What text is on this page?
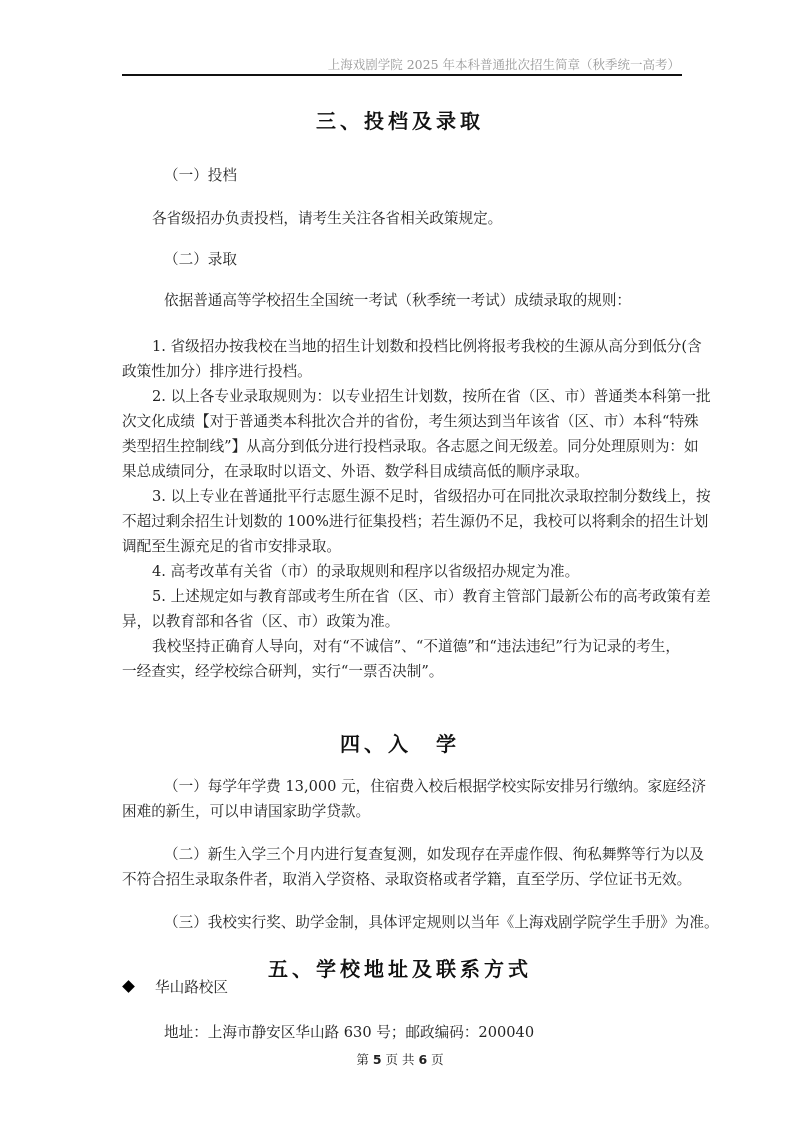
上海戏剧学院 2025 年本科普通批次招生简章（秋季统一高考）
三、投档及录取
（一）投档
各省级招办负责投档，请考生关注各省相关政策规定。
（二）录取
依据普通高等学校招生全国统一考试（秋季统一考试）成绩录取的规则：
1. 省级招办按我校在当地的招生计划数和投档比例将报考我校的生源从高分到低分(含
政策性加分）排序进行投档。
2. 以上各专业录取规则为：以专业招生计划数，按所在省（区、市）普通类本科第一批
次文化成绩【对于普通类本科批次合并的省份，考生须达到当年该省（区、市）本科“特殊
类型招生控制线”】从高分到低分进行投档录取。各志愿之间无级差。同分处理原则为：如
果总成绩同分，在录取时以语文、外语、数学科目成绩高低的顺序录取。
3. 以上专业在普通批平行志愿生源不足时，省级招办可在同批次录取控制分数线上，按
不超过剩余招生计划数的 100%进行征集投档；若生源仍不足，我校可以将剩余的招生计划
调配至生源充足的省市安排录取。
4. 高考改革有关省（市）的录取规则和程序以省级招办规定为准。
5. 上述规定如与教育部或考生所在省（区、市）教育主管部门最新公布的高考政策有差
异，以教育部和各省（区、市）政策为准。
我校坚持正确育人导向，对有“不诚信”、“不道德”和“违法违纪”行为记录的考生，
一经查实，经学校综合研判，实行“一票否决制”。
四、入　学
（一）每学年学费 13,000 元，住宿费入校后根据学校实际安排另行缴纳。家庭经济
困难的新生，可以申请国家助学贷款。
（二）新生入学三个月内进行复查复测，如发现存在弄虚作假、徇私舞弊等行为以及
不符合招生录取条件者，取消入学资格、录取资格或者学籍，直至学历、学位证书无效。
（三）我校实行奖、助学金制，具体评定规则以当年《上海戏剧学院学生手册》为准。
五、学校地址及联系方式
华山路校区
地址：上海市静安区华山路 630 号；邮政编码：200040
第 5 页 共 6 页
